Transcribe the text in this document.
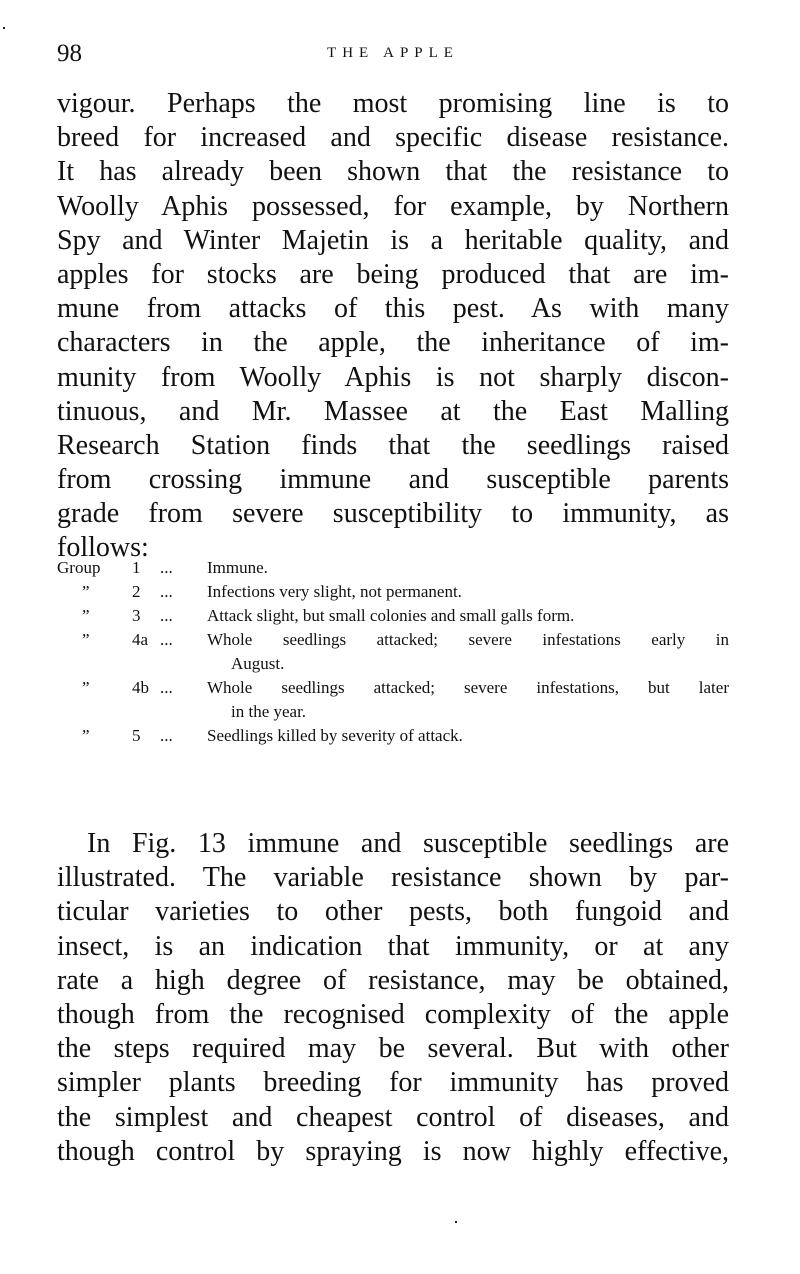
98	THE APPLE
vigour. Perhaps the most promising line is to
breed for increased and specific disease resistance.
It has already been shown that the resistance to
Woolly Aphis possessed, for example, by Northern
Spy and Winter Majetin is a heritable quality, and
apples for stocks are being produced that are im-
mune from attacks of this pest. As with many
characters in the apple, the inheritance of im-
munity from Woolly Aphis is not sharply discon-
tinuous, and Mr. Massee at the East Malling
Research Station finds that the seedlings raised
from crossing immune and susceptible parents
grade from severe susceptibility to immunity, as
follows:
Group	1 ... Immune.
”	2 ... Infections very slight, not permanent.
”	3 ... Attack slight, but small colonies and small galls form.
”	4a ... Whole seedlings attacked; severe infestations early in
August.
”	4b ... Whole seedlings attacked; severe infestations, but later
in the year.
”	5 ... Seedlings killed by severity of attack.
In Fig. 13 immune and susceptible seedlings are
illustrated. The variable resistance shown by par-
ticular varieties to other pests, both fungoid and
insect, is an indication that immunity, or at any
rate a high degree of resistance, may be obtained,
though from the recognised complexity of the apple
the steps required may be several. But with other
simpler plants breeding for immunity has proved
the simplest and cheapest control of diseases, and
though control by spraying is now highly effective,
